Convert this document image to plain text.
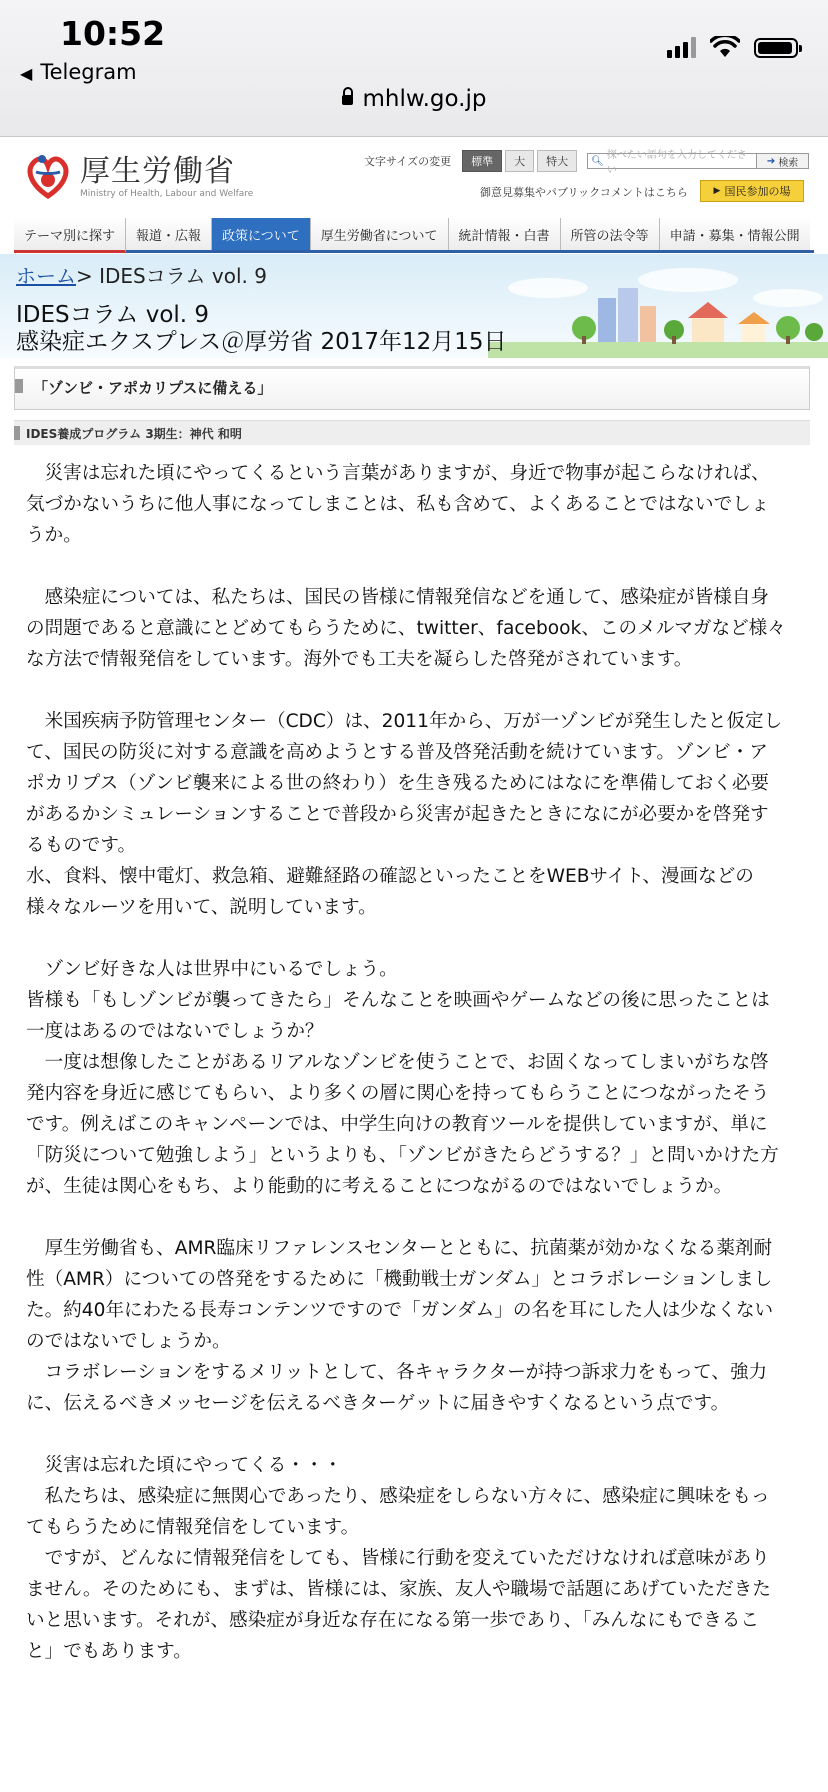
10:52
◀ Telegram
mhlw.go.jp
厚生労働省
Ministry of Health, Labour and Welfare
文字サイズの変更	標準	大	特大	🔍︎ 探べたい語句を入力してください
➔ 検索
御意見募集やパブリックコメントはこちら	▶ 国民参加の場
テーマ別に探す	報道・広報	政策について	厚生労働省について	統計情報・白書	所管の法令等	申請・募集・情報公開
ホーム> IDESコラム vol. 9
IDESコラム vol. 9
感染症エクスプレス＠厚労省 2017年12月15日
「ゾンビ・アポカリプスに備える」
IDES養成プログラム 3期生：神代 和明

　災害は忘れた頃にやってくるという言葉がありますが、身近で物事が起こらなければ、気づかないうちに他人事になってしまことは、私も含めて、よくあることではないでしょうか。

　感染症については、私たちは、国民の皆様に情報発信などを通して、感染症が皆様自身の問題であると意識にとどめてもらうために、twitter、facebook、このメルマガなど様々な方法で情報発信をしています。海外でも工夫を凝らした啓発がされています。

　米国疾病予防管理センター（CDC）は、2011年から、万が一ゾンビが発生したと仮定して、国民の防災に対する意識を高めようとする普及啓発活動を続けています。ゾンビ・アポカリプス（ゾンビ襲来による世の終わり）を生き残るためにはなにを準備しておく必要があるかシミュレーションすることで普段から災害が起きたときになにが必要かを啓発するものです。

水、食料、懐中電灯、救急箱、避難経路の確認といったことをWEBサイト、漫画などの様々なルーツを用いて、説明しています。

　ゾンビ好きな人は世界中にいるでしょう。

皆様も「もしゾンビが襲ってきたら」そんなことを映画やゲームなどの後に思ったことは一度はあるのではないでしょうか？

　一度は想像したことがあるリアルなゾンビを使うことで、お固くなってしまいがちな啓発内容を身近に感じてもらい、より多くの層に関心を持ってもらうことにつながったそうです。例えばこのキャンペーンでは、中学生向けの教育ツールを提供していますが、単に「防災について勉強しよう」というよりも、「ゾンビがきたらどうする？」と問いかけた方が、生徒は関心をもち、より能動的に考えることにつながるのではないでしょうか。

　厚生労働省も、AMR臨床リファレンスセンターとともに、抗菌薬が効かなくなる薬剤耐性（AMR）についての啓発をするために「機動戦士ガンダム」とコラボレーションしました。約40年にわたる長寿コンテンツですので「ガンダム」の名を耳にした人は少なくないのではないでしょうか。

　コラボレーションをするメリットとして、各キャラクターが持つ訴求力をもって、強力に、伝えるべきメッセージを伝えるべきターゲットに届きやすくなるという点です。

　災害は忘れた頃にやってくる・・・

　私たちは、感染症に無関心であったり、感染症をしらない方々に、感染症に興味をもってもらうために情報発信をしています。

　ですが、どんなに情報発信をしても、皆様に行動を変えていただけなければ意味がありません。そのためにも、まずは、皆様には、家族、友人や職場で話題にあげていただきたいと思います。それが、感染症が身近な存在になる第一歩であり、「みんなにもできること」でもあります。
